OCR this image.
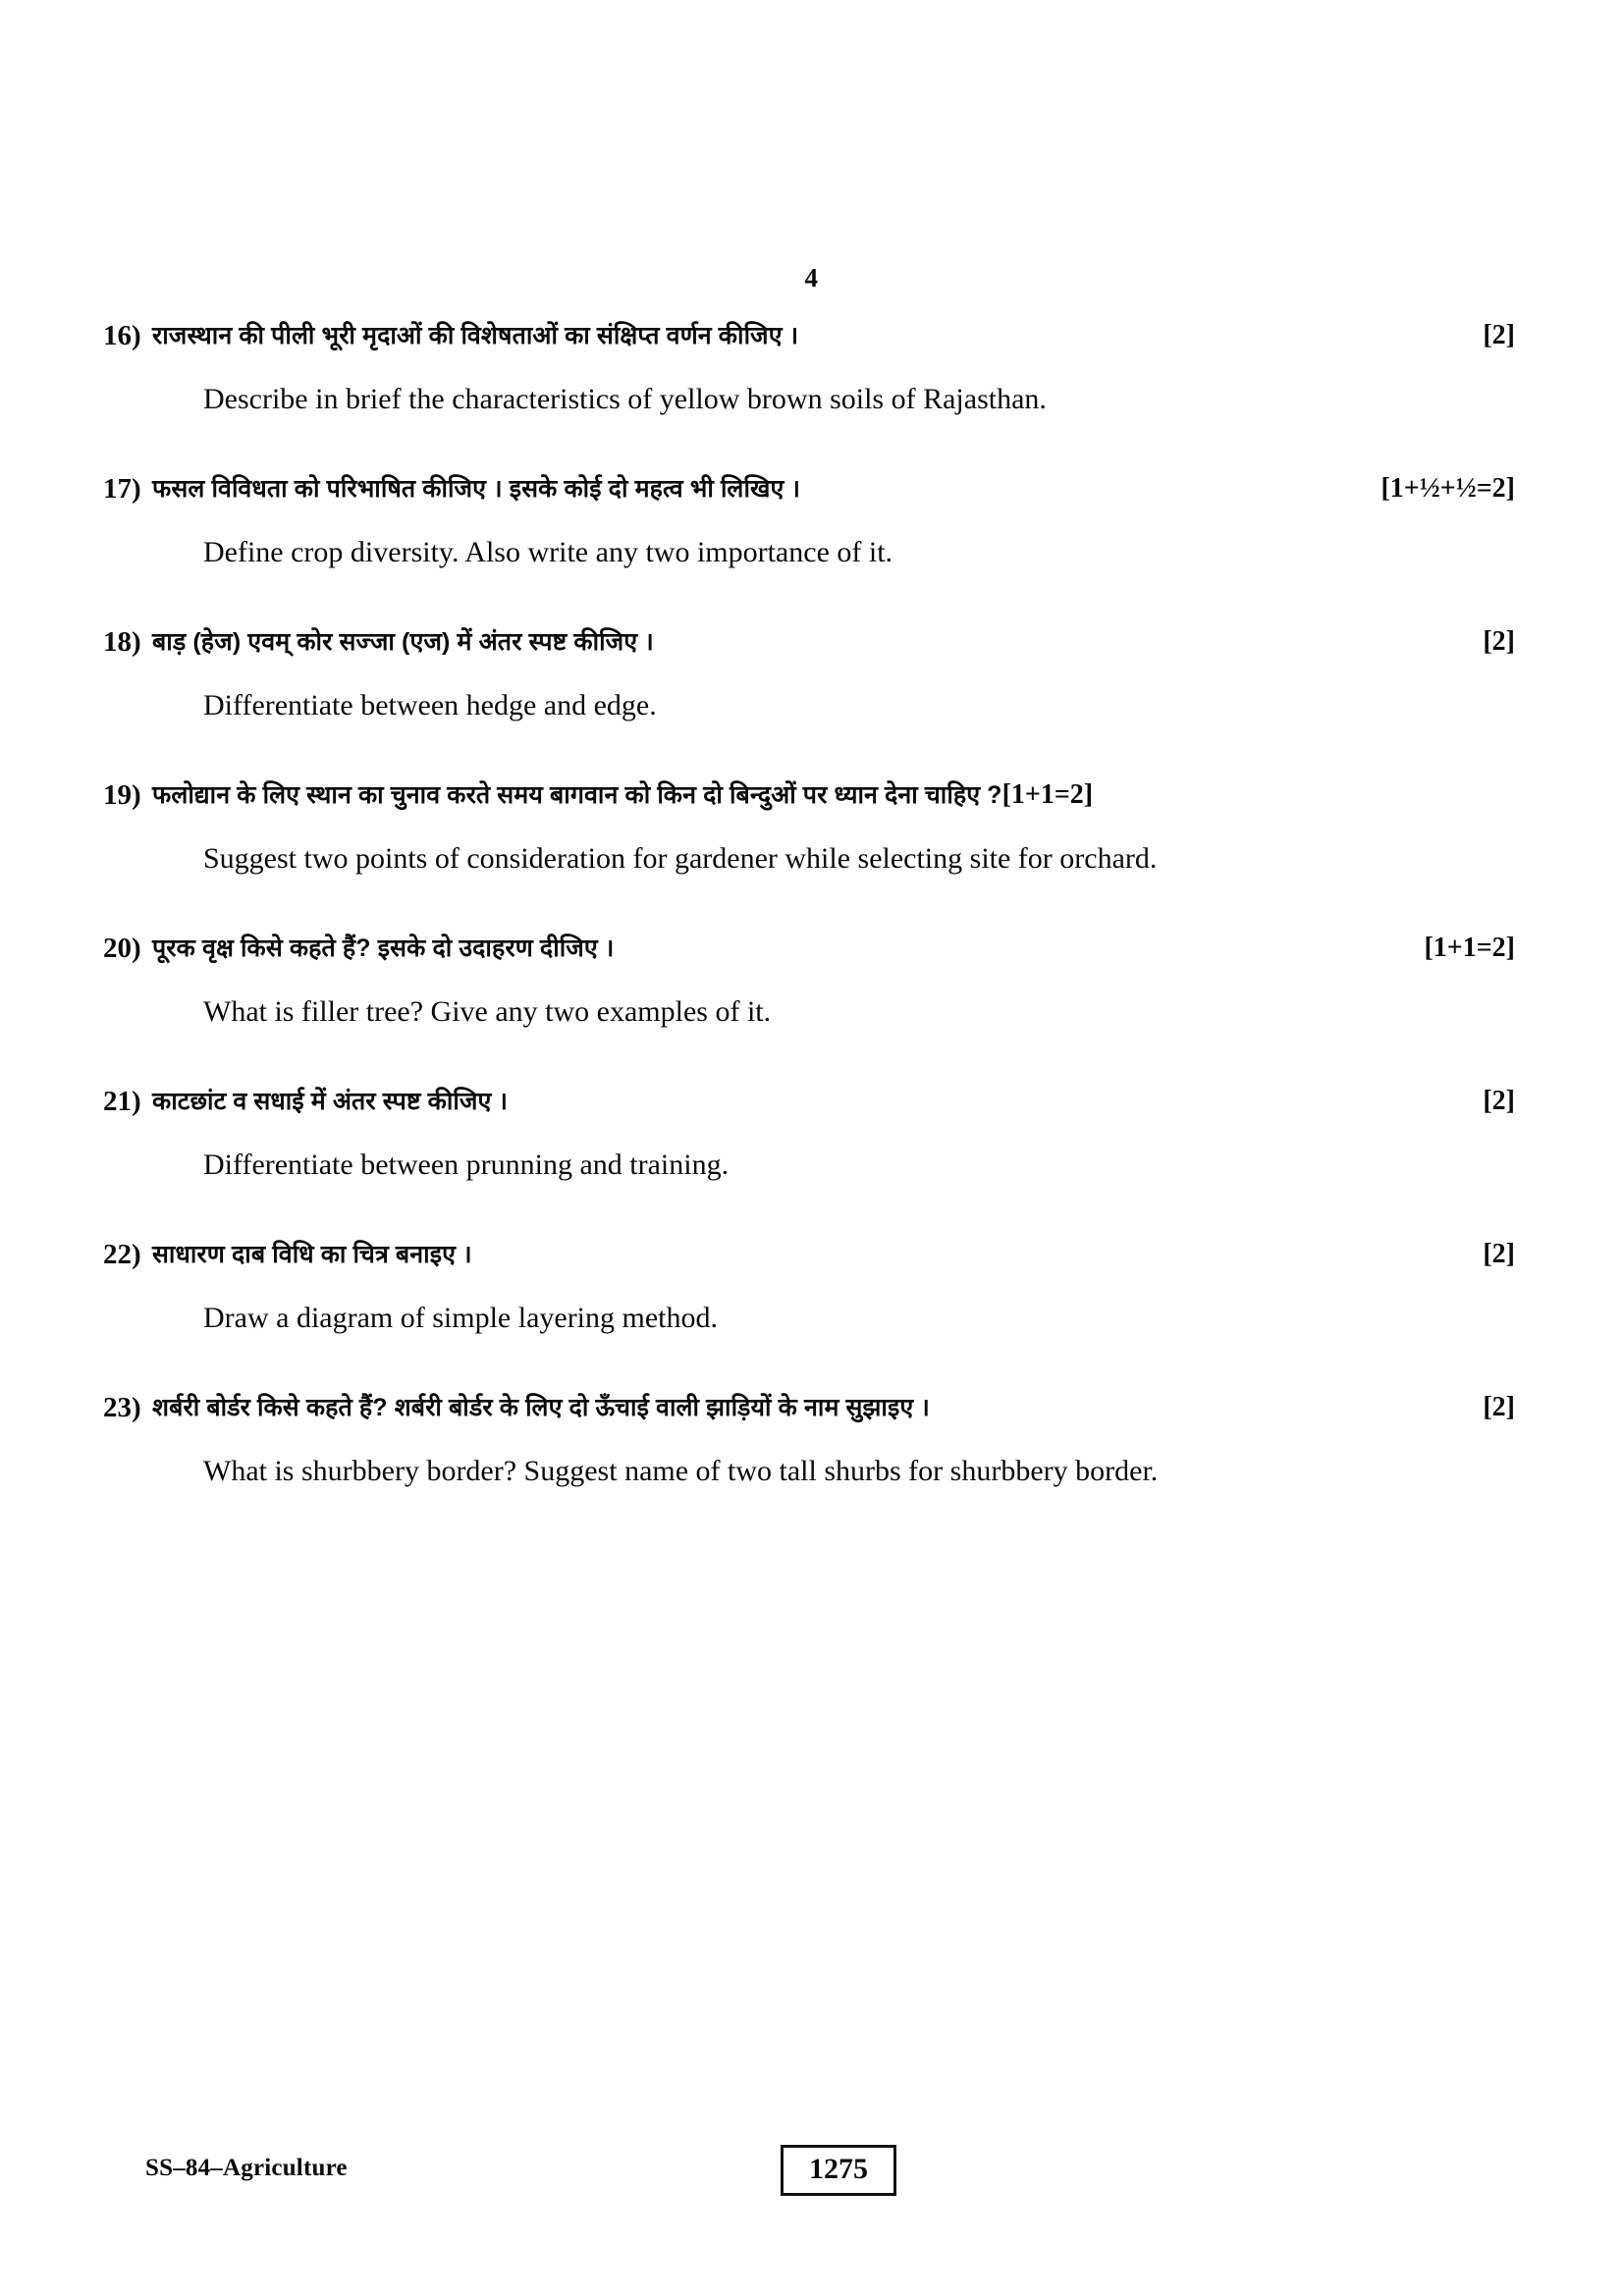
4
16) राजस्थान की पीली भूरी मृदाओं की विशेषताओं का संक्षिप्त वर्णन कीजिए ।	[2]
Describe in brief the characteristics of yellow brown soils of Rajasthan.
17) फसल विविधता को परिभाषित कीजिए । इसके कोई दो महत्व भी लिखिए ।	[1+½+½=2]
Define crop diversity. Also write any two importance of it.
18) बाड़ (हेज) एवम् कोर सज्जा (एज) में अंतर स्पष्ट कीजिए ।	[2]
Differentiate between hedge and edge.
19) फलोद्यान के लिए स्थान का चुनाव करते समय बागवान को किन दो बिन्दुओं पर ध्यान देना चाहिए ? [1+1=2]
Suggest two points of consideration for gardener while selecting site for orchard.
20) पूरक वृक्ष किसे कहते हैं? इसके दो उदाहरण दीजिए ।	[1+1=2]
What is filler tree? Give any two examples of it.
21) काटछांट व सधाई में अंतर स्पष्ट कीजिए ।	[2]
Differentiate between prunning and training.
22) साधारण दाब विधि का चित्र बनाइए ।	[2]
Draw a diagram of simple layering method.
23) शर्बरी बोर्डर किसे कहते हैं? शर्बरी बोर्डर के लिए दो ऊँचाई वाली झाड़ियों के नाम सुझाइए ।	[2]
What is shurbbery border? Suggest name of two tall shurbs for shurbbery border.
SS–84–Agriculture	1275
